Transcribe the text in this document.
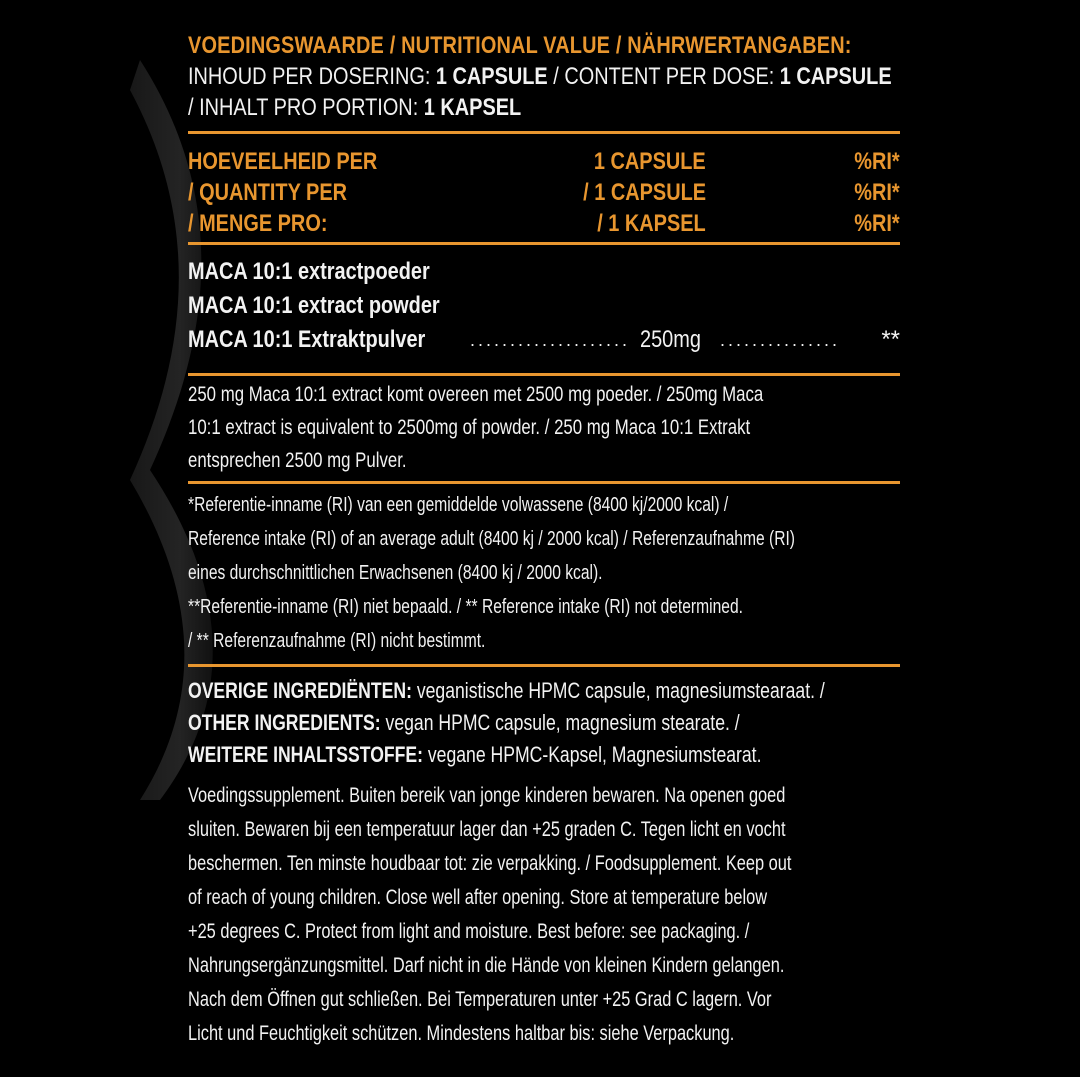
VOEDINGSWAARDE / NUTRITIONAL VALUE / NÄHRWERTANGABEN:
INHOUD PER DOSERING: 1 CAPSULE / CONTENT PER DOSE: 1 CAPSULE
/ INHALT PRO PORTION: 1 KAPSEL
HOEVEELHEID PER	1 CAPSULE	%RI*
/ QUANTITY PER	/ 1 CAPSULE	%RI*
/ MENGE PRO:	/ 1 KAPSEL	%RI*
MACA 10:1 extractpoeder
MACA 10:1 extract powder
MACA 10:1 Extraktpulver .................... 250mg ............... **
250 mg Maca 10:1 extract komt overeen met 2500 mg poeder. / 250mg Maca
10:1 extract is equivalent to 2500mg of powder. / 250 mg Maca 10:1 Extrakt
entsprechen 2500 mg Pulver.
*Referentie-inname (RI) van een gemiddelde volwassene (8400 kj/2000 kcal) /
Reference intake (RI) of an average adult (8400 kj / 2000 kcal) / Referenzaufnahme (RI)
eines durchschnittlichen Erwachsenen (8400 kj / 2000 kcal).
**Referentie-inname (RI) niet bepaald. / ** Reference intake (RI) not determined.
/ ** Referenzaufnahme (RI) nicht bestimmt.
OVERIGE INGREDIËNTEN: veganistische HPMC capsule, magnesiumstearaat. /
OTHER INGREDIENTS: vegan HPMC capsule, magnesium stearate. /
WEITERE INHALTSSTOFFE: vegane HPMC-Kapsel, Magnesiumstearat.
Voedingssupplement. Buiten bereik van jonge kinderen bewaren. Na openen goed
sluiten. Bewaren bij een temperatuur lager dan +25 graden C. Tegen licht en vocht
beschermen. Ten minste houdbaar tot: zie verpakking. / Foodsupplement. Keep out
of reach of young children. Close well after opening. Store at temperature below
+25 degrees C. Protect from light and moisture. Best before: see packaging. /
Nahrungsergänzungsmittel. Darf nicht in die Hände von kleinen Kindern gelangen.
Nach dem Öffnen gut schließen. Bei Temperaturen unter +25 Grad C lagern. Vor
Licht und Feuchtigkeit schützen. Mindestens haltbar bis: siehe Verpackung.
